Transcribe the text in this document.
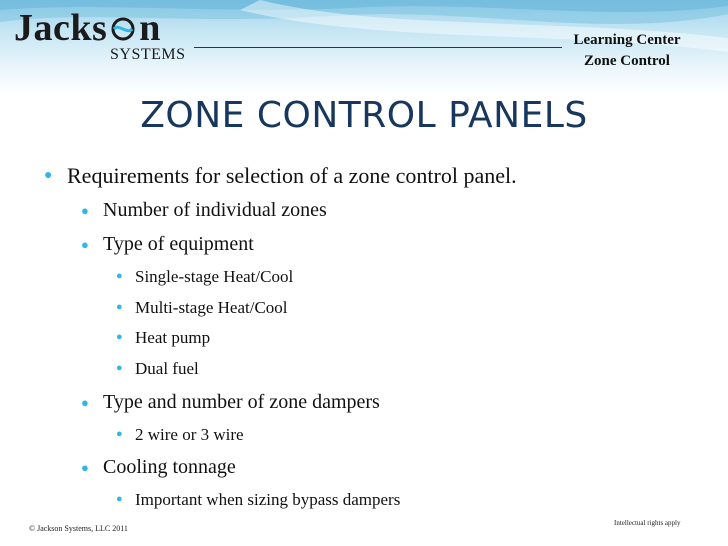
Jacks n
SYSTEMS
Learning Center
Zone Control
ZONE CONTROL PANELS
● Requirements for selection of a zone control panel.
● Number of individual zones
● Type of equipment
● Single-stage Heat/Cool
● Multi-stage Heat/Cool
● Heat pump
● Dual fuel
● Type and number of zone dampers
● 2 wire or 3 wire
● Cooling tonnage
● Important when sizing bypass dampers
© Jackson Systems, LLC 2011
Intellectual rights apply
